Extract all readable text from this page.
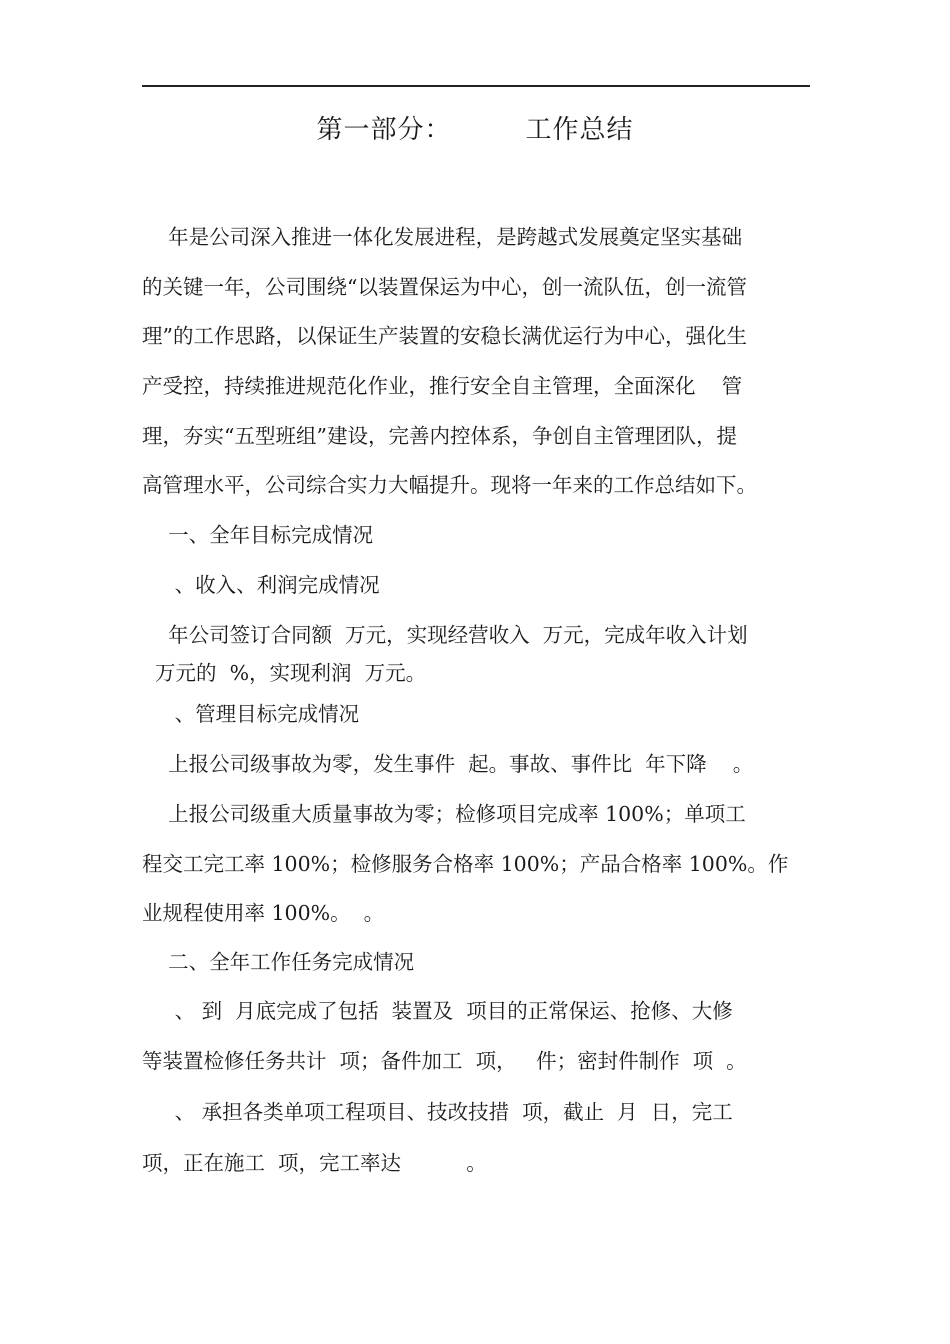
第一部分：        工作总结
年是公司深入推进一体化发展进程，是跨越式发展奠定坚实基础
的关键一年，公司围绕“以装置保运为中心，创一流队伍，创一流管
理”的工作思路，以保证生产装置的安稳长满优运行为中心，强化生
产受控，持续推进规范化作业，推行安全自主管理，全面深化    管
理，夯实“五型班组”建设，完善内控体系，争创自主管理团队，提
高管理水平，公司综合实力大幅提升。现将一年来的工作总结如下。
一、全年目标完成情况
、收入、利润完成情况
年公司签订合同额  万元，实现经营收入  万元，完成年收入计划
万元的  %，实现利润  万元。
、管理目标完成情况
上报公司级事故为零，发生事件  起。事故、事件比  年下降    。
上报公司级重大质量事故为零；检修项目完成率 100%；单项工
程交工完工率 100%；检修服务合格率 100%；产品合格率 100%。作
业规程使用率 100%。  。
二、全年工作任务完成情况
、 到  月底完成了包括  装置及  项目的正常保运、抢修、大修
等装置检修任务共计  项；备件加工  项，   件；密封件制作  项  。
、 承担各类单项工程项目、技改技措  项，截止  月  日，完工
项，正在施工  项，完工率达          。
